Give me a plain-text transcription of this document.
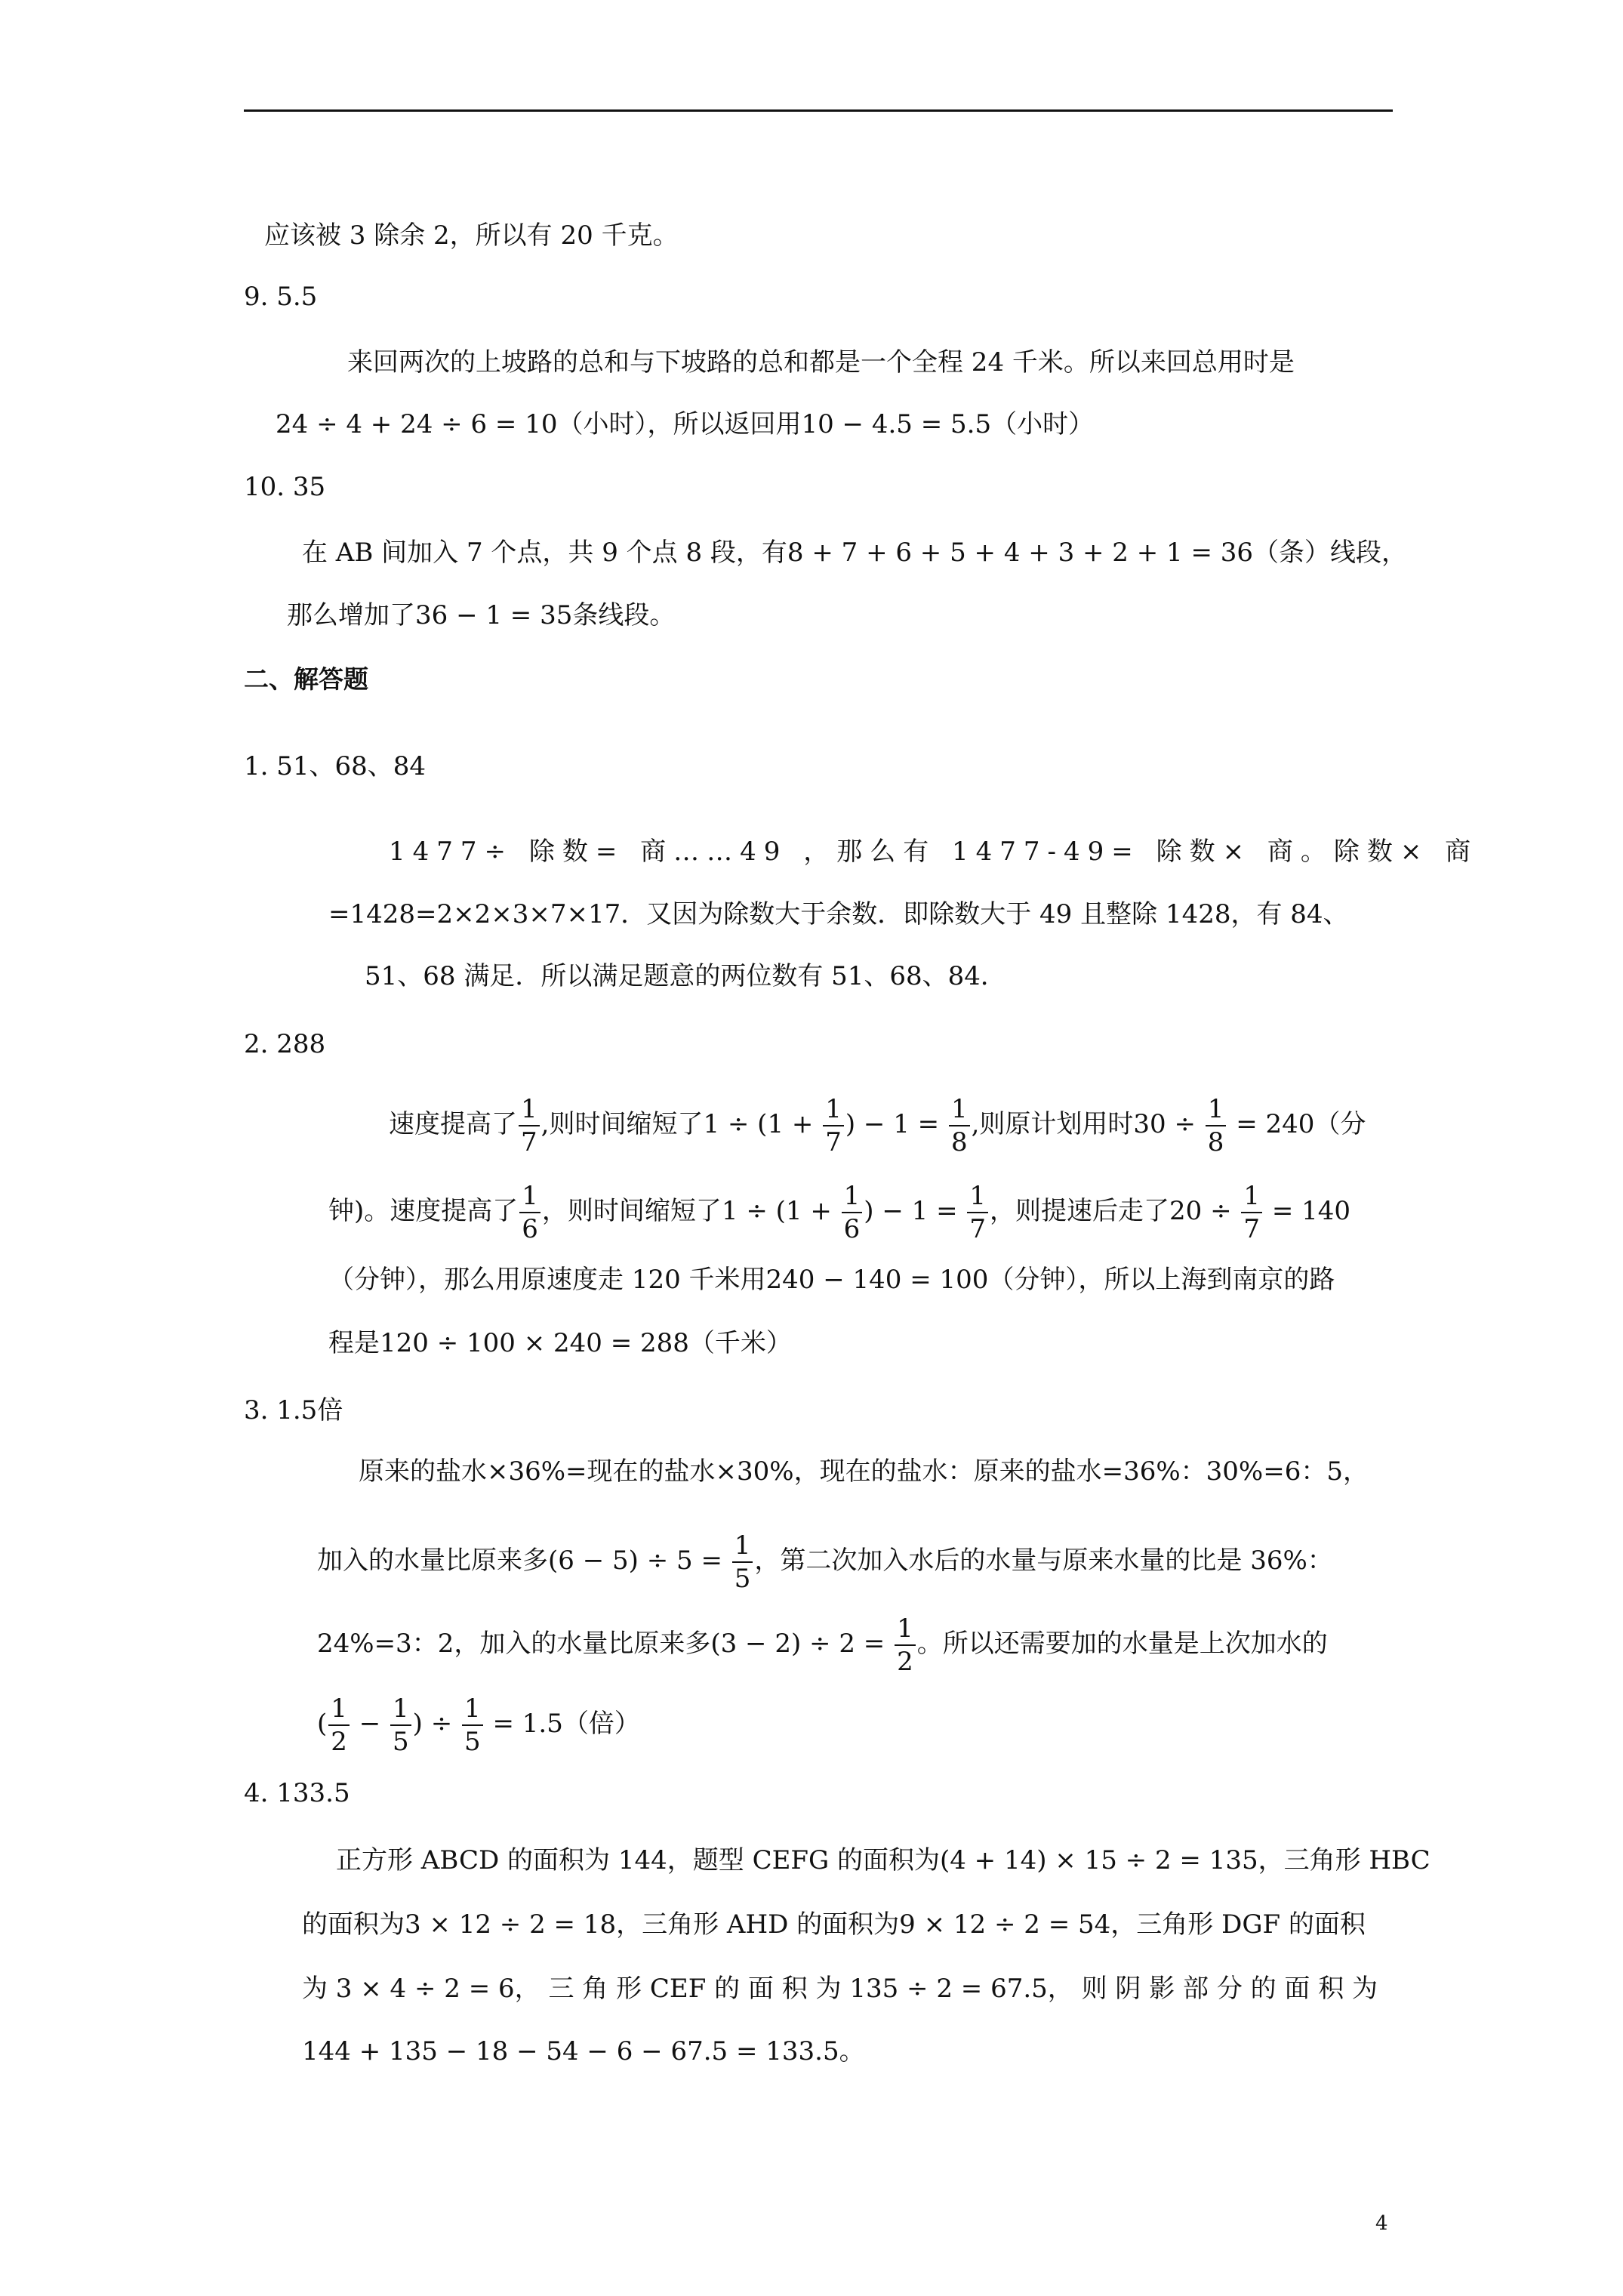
应该被 3 除余 2，所以有 20 千克。
9. 5.5
来回两次的上坡路的总和与下坡路的总和都是一个全程 24 千米。所以来回总用时是
24 ÷ 4 + 24 ÷ 6 = 10（小时），所以返回用10 − 4.5 = 5.5（小时）
10. 35
在 AB 间加入 7 个点，共 9 个点 8 段，有8 + 7 + 6 + 5 + 4 + 3 + 2 + 1 = 36（条）线段，
那么增加了36 − 1 = 35条线段。
二、解答题
1. 51、68、84
1477÷ 除数= 商……49 ，那么有 1477-49= 除数× 商。除数× 商
=1428=2×2×3×7×17．又因为除数大于余数．即除数大于 49 且整除 1428，有 84、
51、68 满足．所以满足题意的两位数有 51、68、84．
2. 288
速度提高了 $\frac{1}{7}$ ,则时间缩短了$1 \div (1 + \frac{1}{7}$ ) − $1 = \frac{1}{8}$ ,则原计划用时$30 \div \frac{1}{8} = 240$（分
钟)。速度提高了 $\frac{1}{6}$ ，则时间缩短了$1 \div (1 + \frac{1}{6}$ ) − $1 = \frac{1}{7}$ ，则提速后走了$20 \div \frac{1}{7} = 140$
（分钟），那么用原速度走 120 千米用240 − 140 = 100（分钟），所以上海到南京的路
程是120 ÷ 100 × 240 = 288（千米）
3. 1.5倍
原来的盐水×36%=现在的盐水×30%，现在的盐水：原来的盐水=36%：30%=6：5，
加入的水量比原来多$(6 - 5) \div 5 = \frac{1}{5}$ ，第二次加入水后的水量与原来水量的比是 36%：
24%=3：2，加入的水量比原来多$(3 - 2) \div 2 = \frac{1}{2}$ 。所以还需要加的水量是上次加水的
( $\frac{1}{2} - \frac{1}{5}$ ) ÷ $\frac{1}{5} = 1.5$（倍）
4. 133.5
正方形 ABCD 的面积为 144，题型 CEFG 的面积为(4 + 14) × 15 ÷ 2 = 135，三角形 HBC
的面积为3 × 12 ÷ 2 = 18，三角形 AHD 的面积为9 × 12 ÷ 2 = 54，三角形 DGF 的面积
为 3 × 4 ÷ 2 = 6， 三 角 形 CEF 的 面 积 为 135 ÷ 2 = 67.5， 则 阴 影 部 分 的 面 积 为
144 + 135 − 18 − 54 − 6 − 67.5 = 133.5。
4
